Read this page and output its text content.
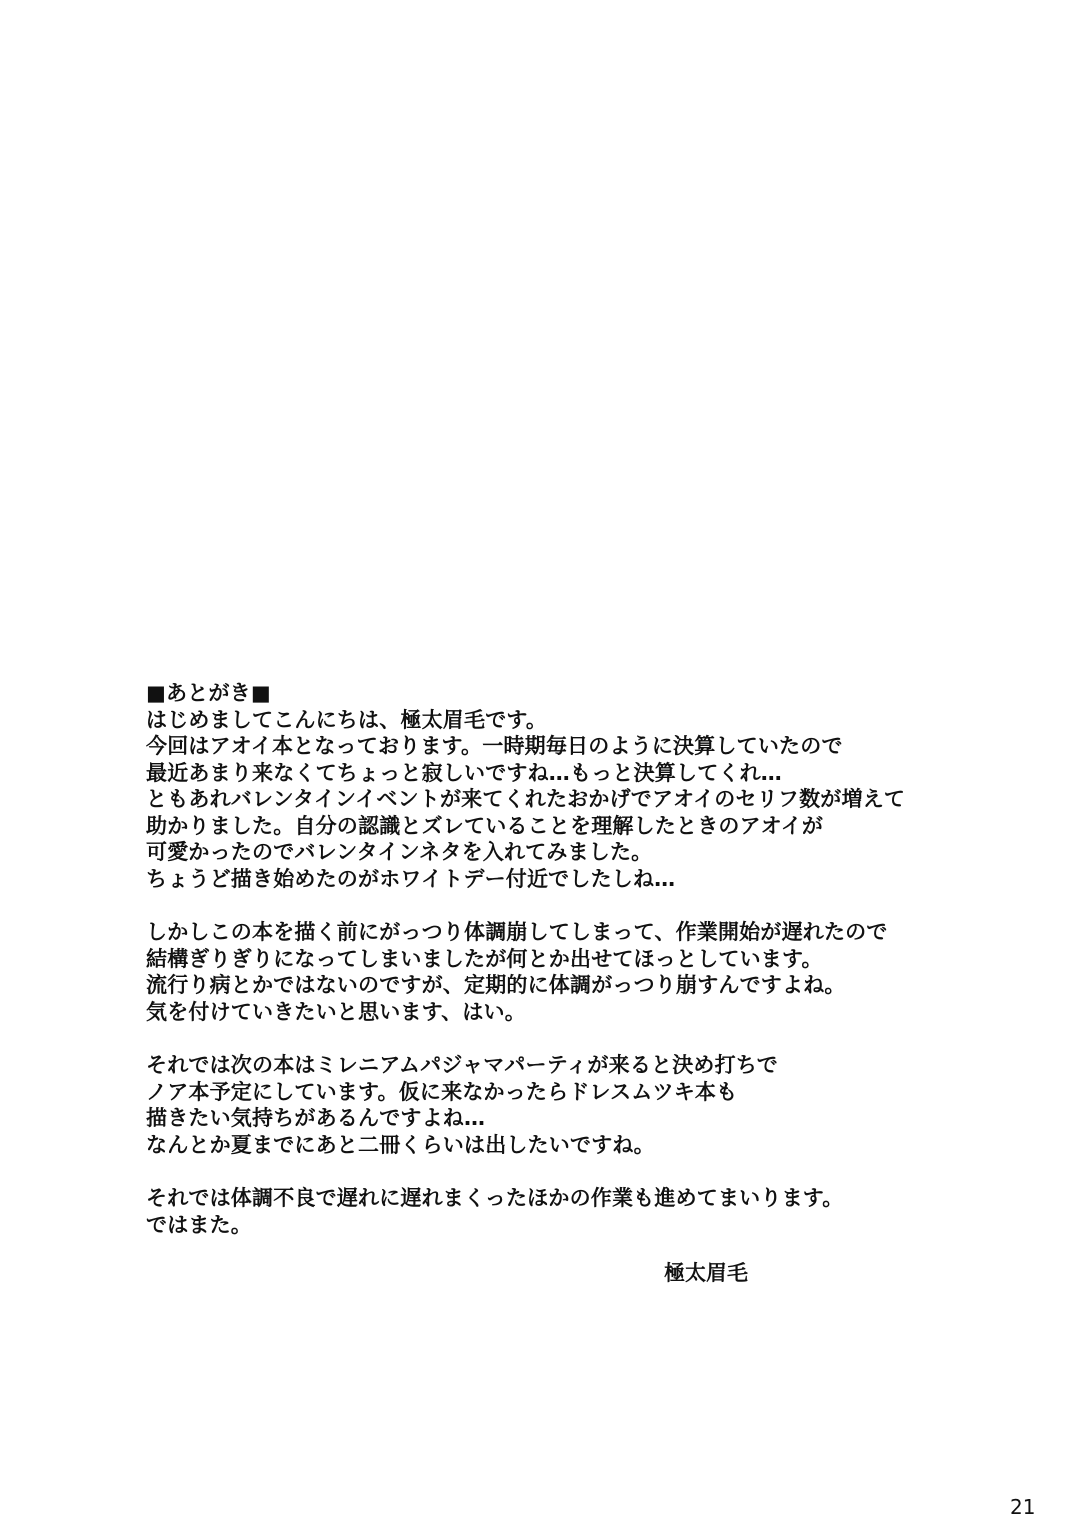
■あとがき■
はじめましてこんにちは、極太眉毛です。
今回はアオイ本となっております。一時期毎日のように決算していたので
最近あまり来なくてちょっと寂しいですね…もっと決算してくれ…
ともあれバレンタインイベントが来てくれたおかげでアオイのセリフ数が増えて
助かりました。自分の認識とズレていることを理解したときのアオイが
可愛かったのでバレンタインネタを入れてみました。
ちょうど描き始めたのがホワイトデー付近でしたしね…
しかしこの本を描く前にがっつり体調崩してしまって、作業開始が遅れたので
結構ぎりぎりになってしまいましたが何とか出せてほっとしています。
流行り病とかではないのですが、定期的に体調がっつり崩すんですよね。
気を付けていきたいと思います、はい。
それでは次の本はミレニアムパジャマパーティが来ると決め打ちで
ノア本予定にしています。仮に来なかったらドレスムツキ本も
描きたい気持ちがあるんですよね…
なんとか夏までにあと二冊くらいは出したいですね。
それでは体調不良で遅れに遅れまくったほかの作業も進めてまいります。
ではまた。
極太眉毛
21
